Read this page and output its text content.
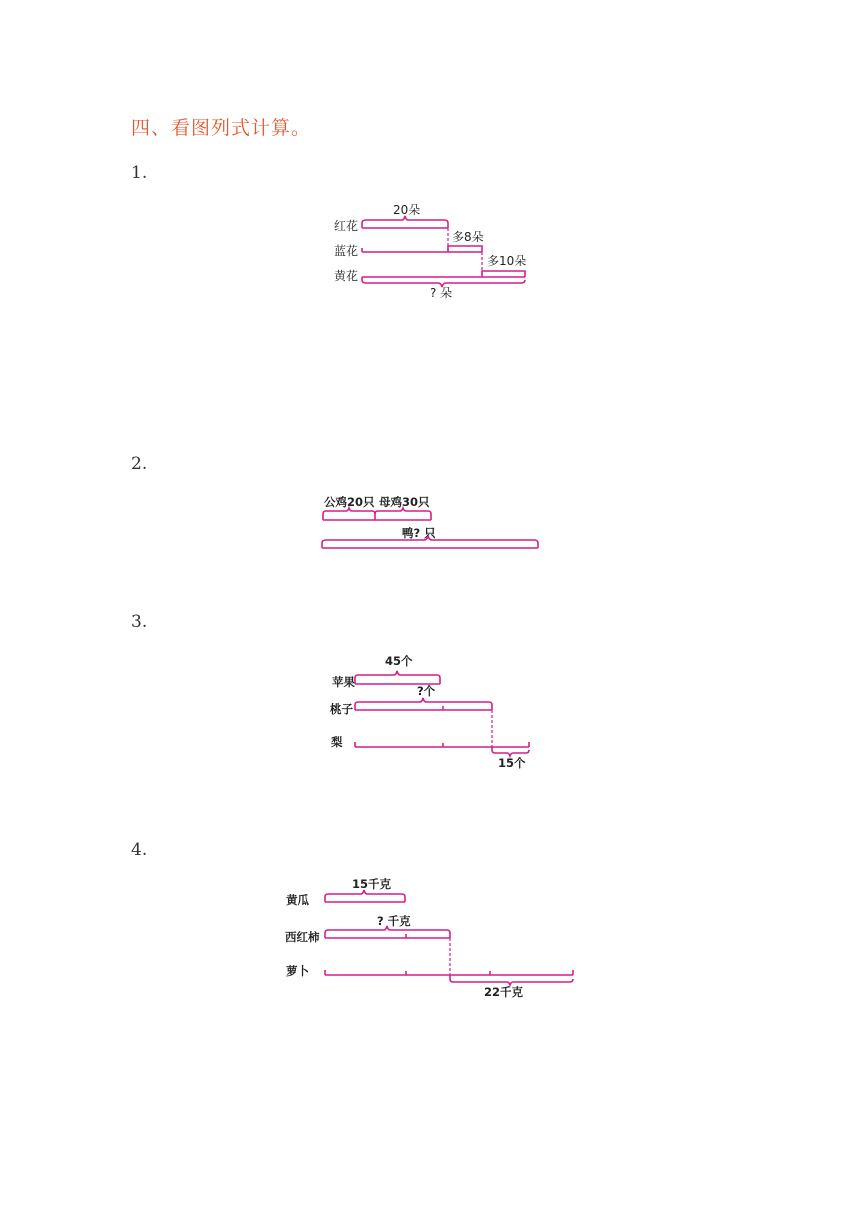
四、看图列式计算。
1.
2.
3.
4.
红花
蓝花
黄花
20朵
多8朵
多10朵
? 朵
公鸡20只 母鸡30只
鸭? 只
45个
苹果
?个
桃子
梨
15个
15千克
黄瓜
? 千克
西红柿
萝卜
22千克
